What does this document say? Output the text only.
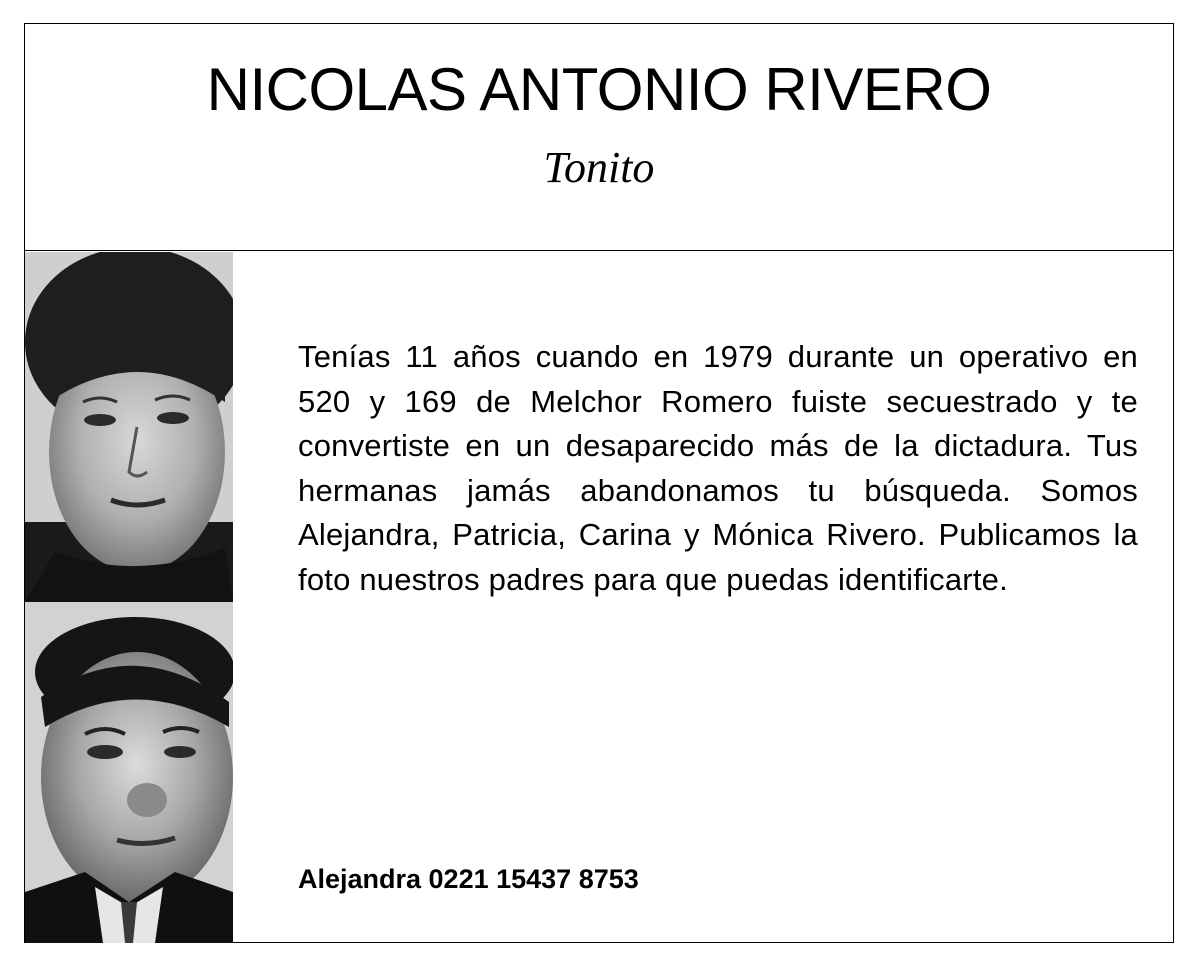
NICOLAS ANTONIO RIVERO

Tonito

Tenías 11 años cuando en 1979 durante un operativo en 520 y 169 de Melchor Romero fuiste secuestrado y te convertiste en un desaparecido más de la dictadura. Tus hermanas jamás abandonamos tu búsqueda. Somos Alejandra, Patricia, Carina y Mónica Rivero. Publicamos la foto nuestros padres para que puedas identificarte.

Alejandra 0221 15437 8753
